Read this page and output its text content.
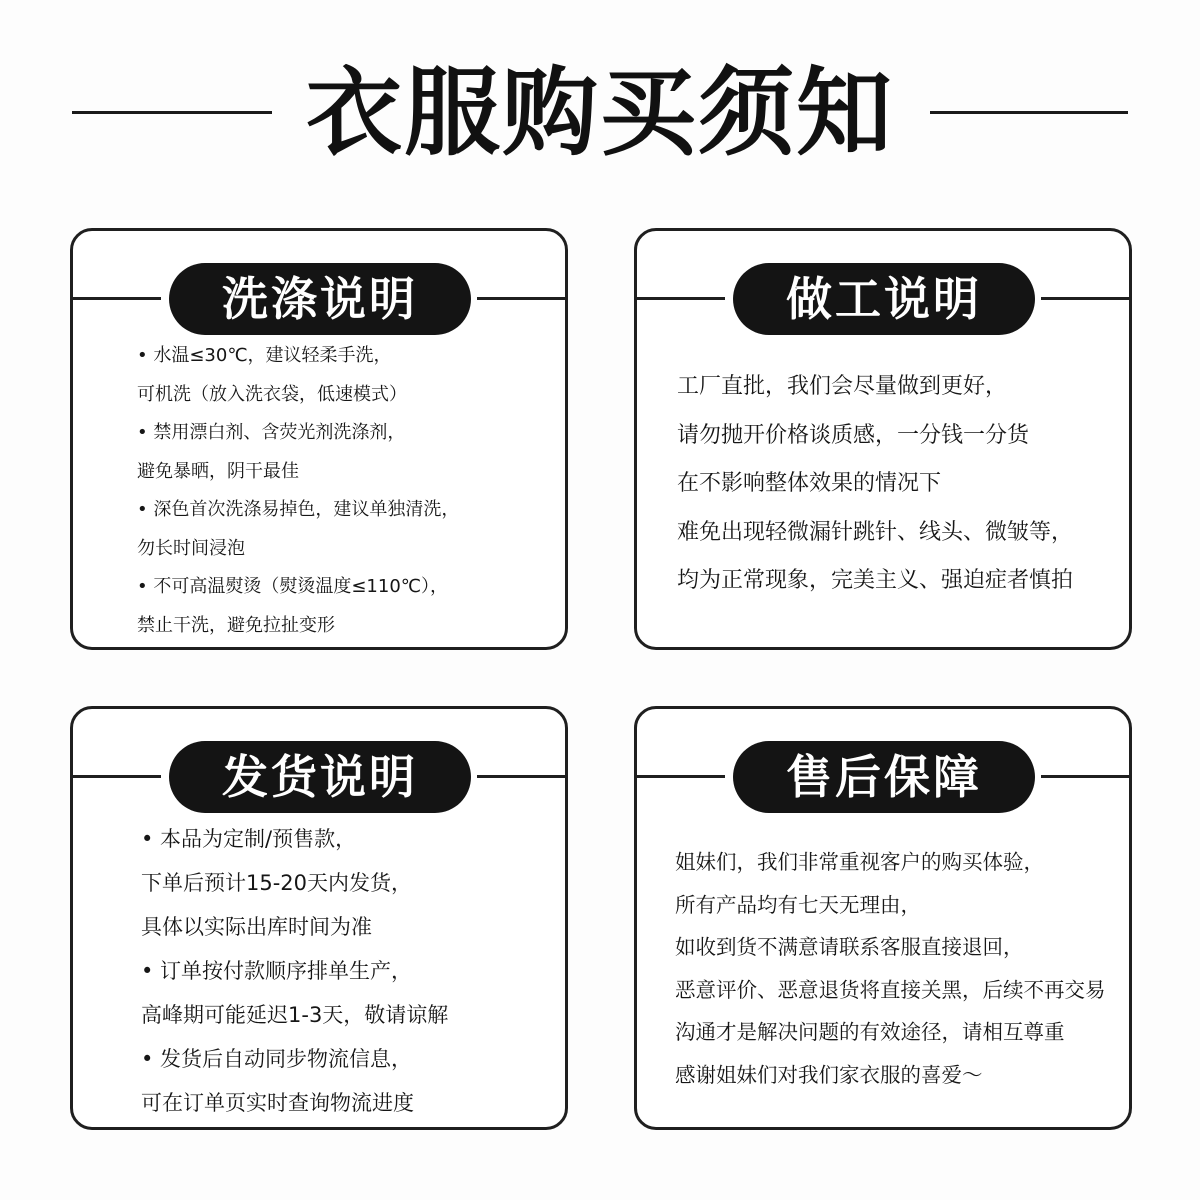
衣服购买须知
洗涤说明
• 水温≤30℃，建议轻柔手洗，
可机洗（放入洗衣袋，低速模式）
• 禁用漂白剂、含荧光剂洗涤剂，
避免暴晒，阴干最佳
• 深色首次洗涤易掉色，建议单独清洗，
勿长时间浸泡
• 不可高温熨烫（熨烫温度≤110℃），
禁止干洗，避免拉扯变形
做工说明
工厂直批，我们会尽量做到更好，
请勿抛开价格谈质感，一分钱一分货
在不影响整体效果的情况下
难免出现轻微漏针跳针、线头、微皱等，
均为正常现象，完美主义、强迫症者慎拍
发货说明
• 本品为定制/预售款，
下单后预计15-20天内发货，
具体以实际出库时间为准
• 订单按付款顺序排单生产，
高峰期可能延迟1-3天，敬请谅解
• 发货后自动同步物流信息，
可在订单页实时查询物流进度
售后保障
姐妹们，我们非常重视客户的购买体验，
所有产品均有七天无理由，
如收到货不满意请联系客服直接退回，
恶意评价、恶意退货将直接关黑，后续不再交易
沟通才是解决问题的有效途径，请相互尊重
感谢姐妹们对我们家衣服的喜爱～
